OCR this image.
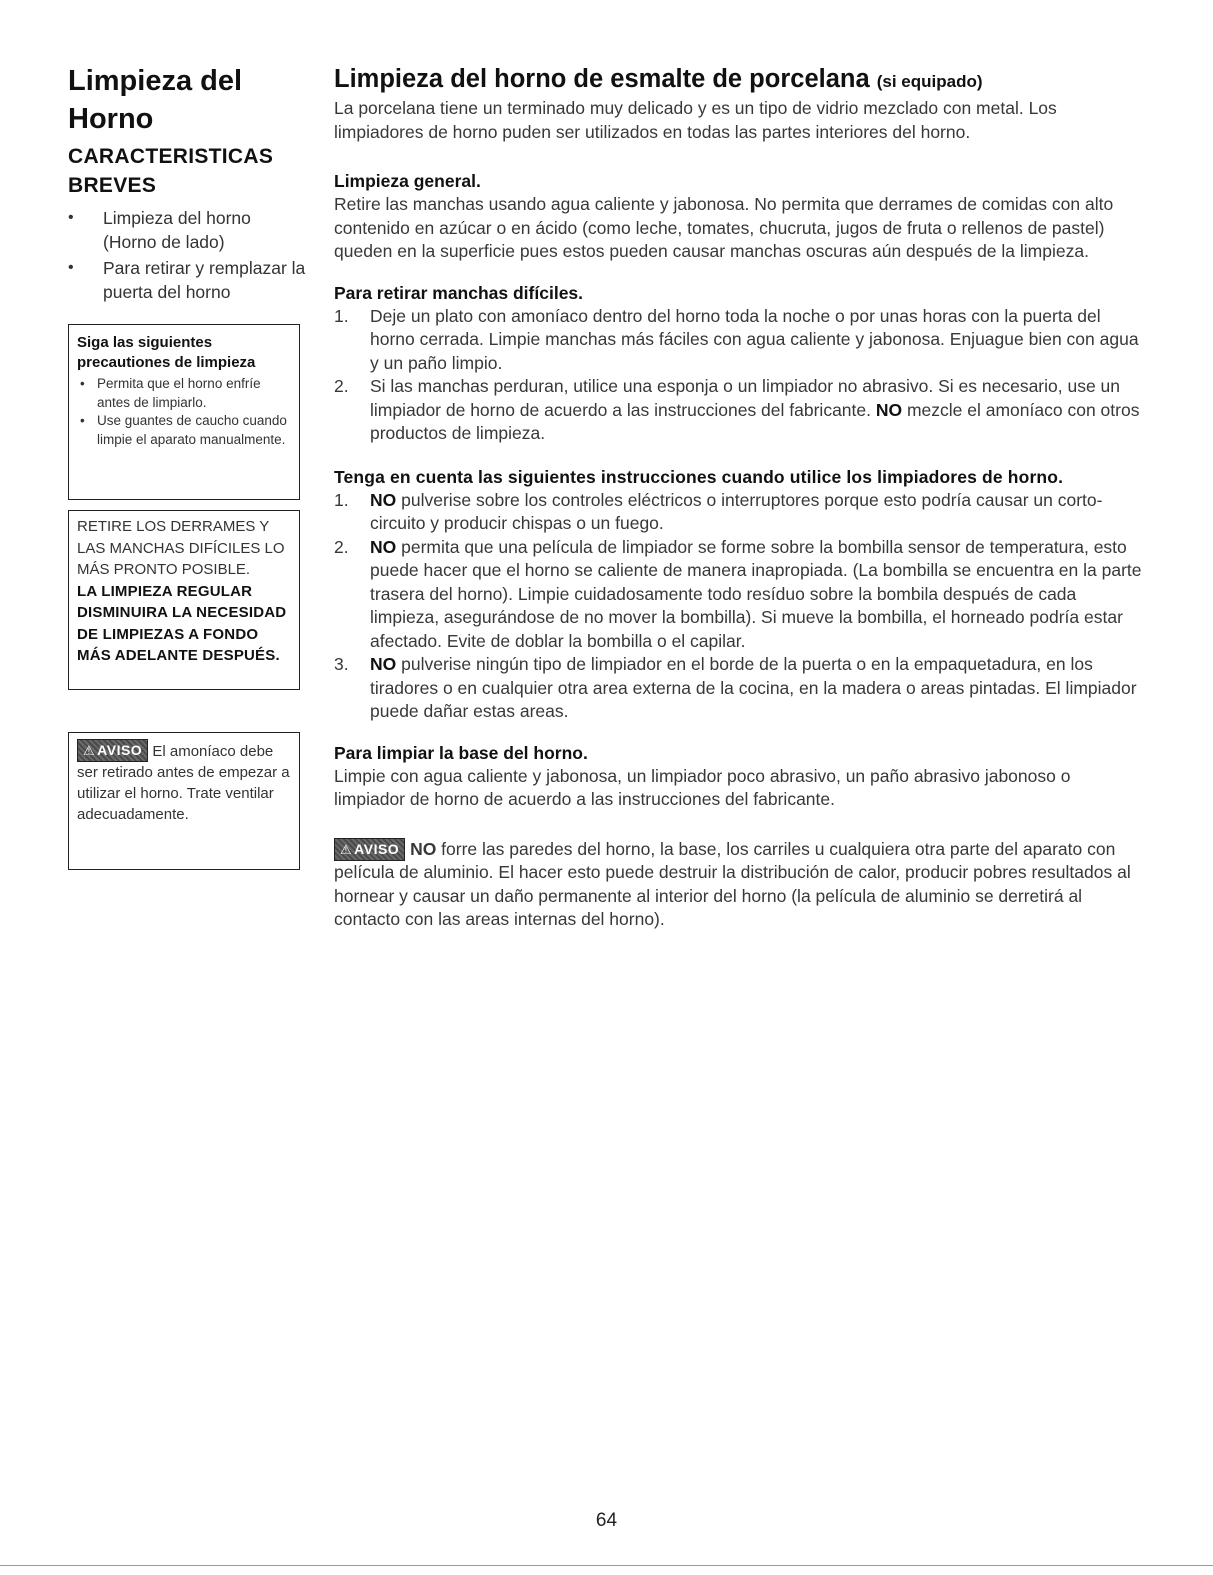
Limpieza del Horno
CARACTERISTICAS BREVES
• Limpieza del horno (Horno de lado)
• Para retirar y remplazar la puerta del horno
Siga las siguientes precautiones de limpieza
• Permita que el horno enfríe antes de limpiarlo.
• Use guantes de caucho cuando limpie el aparato manualmente.
RETIRE LOS DERRAMES Y LAS MANCHAS DIFÍCILES LO MÁS PRONTO POSIBLE.
LA LIMPIEZA REGULAR DISMINUIRA LA NECESIDAD DE LIMPIEZAS A FONDO MÁS ADELANTE DESPUÉS.
⚠ AVISO El amoníaco debe ser retirado antes de empezar a utilizar el horno. Trate ventilar adecuadamente.
Limpieza del horno de esmalte de porcelana (si equipado)

La porcelana tiene un terminado muy delicado y es un tipo de vidrio mezclado con metal. Los limpiadores de horno puden ser utilizados en todas las partes interiores del horno.

Limpieza general.

Retire las manchas usando agua caliente y jabonosa. No permita que derrames de comidas con alto contenido en azúcar o en ácido (como leche, tomates, chucruta, jugos de fruta o rellenos de pastel) queden en la superficie pues estos pueden causar manchas oscuras aún después de la limpieza.

Para retirar manchas difíciles.
1.	Deje un plato con amoníaco dentro del horno toda la noche o por unas horas con la puerta del horno cerrada. Limpie manchas más fáciles con agua caliente y jabonosa. Enjuague bien con agua y un paño limpio.
2.	Si las manchas perduran, utilice una esponja o un limpiador no abrasivo. Si es necesario, use un limpiador de horno de acuerdo a las instrucciones del fabricante. NO mezcle el amoníaco con otros productos de limpieza.
Tenga en cuenta las siguientes instrucciones cuando utilice los limpiadores de horno.
1.	NO pulverise sobre los controles eléctricos o interruptores porque esto podría causar un corto-circuito y producir chispas o un fuego.
2.	NO permita que una película de limpiador se forme sobre la bombilla sensor de temperatura, esto puede hacer que el horno se caliente de manera inapropiada. (La bombilla se encuentra en la parte trasera del horno). Limpie cuidadosamente todo resíduo sobre la bombila después de cada limpieza, asegurándose de no mover la bombilla). Si mueve la bombilla, el horneado podría estar afectado. Evite de doblar la bombilla o el capilar.
3.	NO pulverise ningún tipo de limpiador en el borde de la puerta o en la empaquetadura, en los tiradores o en cualquier otra area externa de la cocina, en la madera o areas pintadas. El limpiador puede dañar estas areas.
Para limpiar la base del horno.

Limpie con agua caliente y jabonosa, un limpiador poco abrasivo, un paño abrasivo jabonoso o limpiador de horno de acuerdo a las instrucciones del fabricante.

⚠ AVISO NO forre las paredes del horno, la base, los carriles u cualquiera otra parte del aparato con película de aluminio. El hacer esto puede destruir la distribución de calor, producir pobres resultados al hornear y causar un daño permanente al interior del horno (la película de aluminio se derretirá al contacto con las areas internas del horno).

64
